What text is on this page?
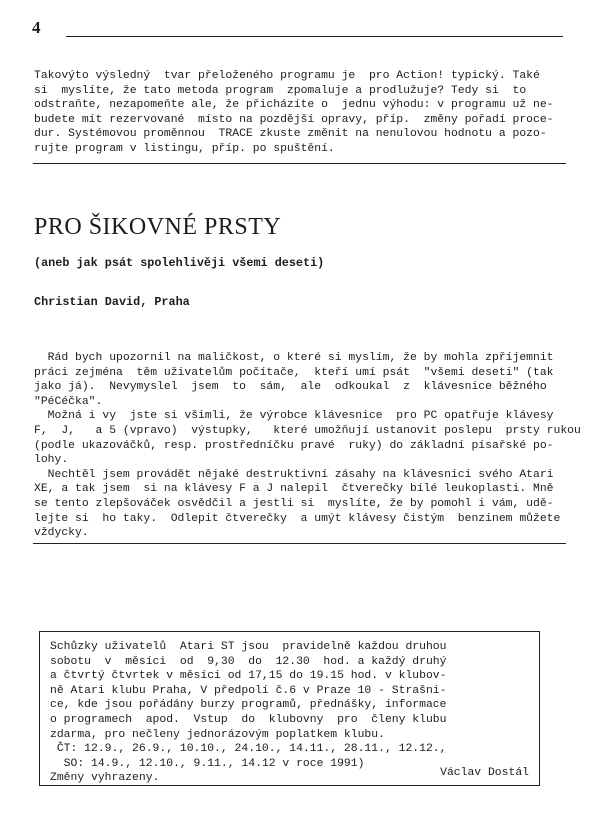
4
Takovýto výsledný  tvar přeloženého programu je  pro Action! typický. Také
si  myslíte, že tato metoda program  zpomaluje a prodlužuje? Tedy si  to
odstraňte, nezapomeňte ale, že přicházíte o  jednu výhodu: v programu už ne-
budete mít rezervované  místo na pozdější opravy, příp.  změny pořadí proce-
dur. Systémovou proměnnou  TRACE zkuste změnit na nenulovou hodnotu a pozo-
rujte program v listingu, příp. po spuštění.
PRO ŠIKOVNÉ PRSTY
(aneb jak psát spolehlivěji všemi deseti)
Christian David, Praha
Rád bych upozornil na maličkost, o které si myslím, že by mohla zpříjemnit
práci zejména  těm uživatelům počítače,  kteří umí psát  "všemi deseti" (tak
jako já).  Nevymyslel  jsem  to  sám,  ale  odkoukal  z  klávesnice běžného
"PéCéčka".
Možná i vy  jste si všimli, že výrobce klávesnice  pro PC opatřuje klávesy
F,  J,   a 5 (vpravo)  výstupky,   které umožňují ustanovit poslepu  prsty rukou
(podle ukazováčků, resp. prostředníčku pravé  ruky) do základní písařské po-
lohy.
Nechtěl jsem provádět nějaké destruktivní zásahy na klávesnici svého Atari
XE, a tak jsem  si na klávesy F a J nalepil  čtverečky bílé leukoplasti. Mně
se tento zlepšováček osvědčil a jestli si  myslíte, že by pomohl i vám, udě-
lejte si  ho taky.  Odlepit čtverečky  a umýt klávesy čistým  benzinem můžete
vždycky.
Schůzky uživatelů  Atari ST jsou  pravidelně každou druhou
sobotu  v  měsíci  od  9,30  do  12.30  hod. a každý druhý
a čtvrtý čtvrtek v měsíci od 17,15 do 19.15 hod. v klubov-
ně Atari klubu Praha, V předpolí č.6 v Praze 10 - Strašni-
ce, kde jsou pořádány burzy programů, přednášky, informace
o programech  apod.  Vstup  do  klubovny  pro  členy klubu
zdarma, pro nečleny jednorázovým poplatkem klubu.
ČT: 12.9., 26.9., 10.10., 24.10., 14.11., 28.11., 12.12.,
SO: 14.9., 12.10., 9.11., 14.12 v roce 1991)
Změny vyhrazeny.	Václav Dostál
